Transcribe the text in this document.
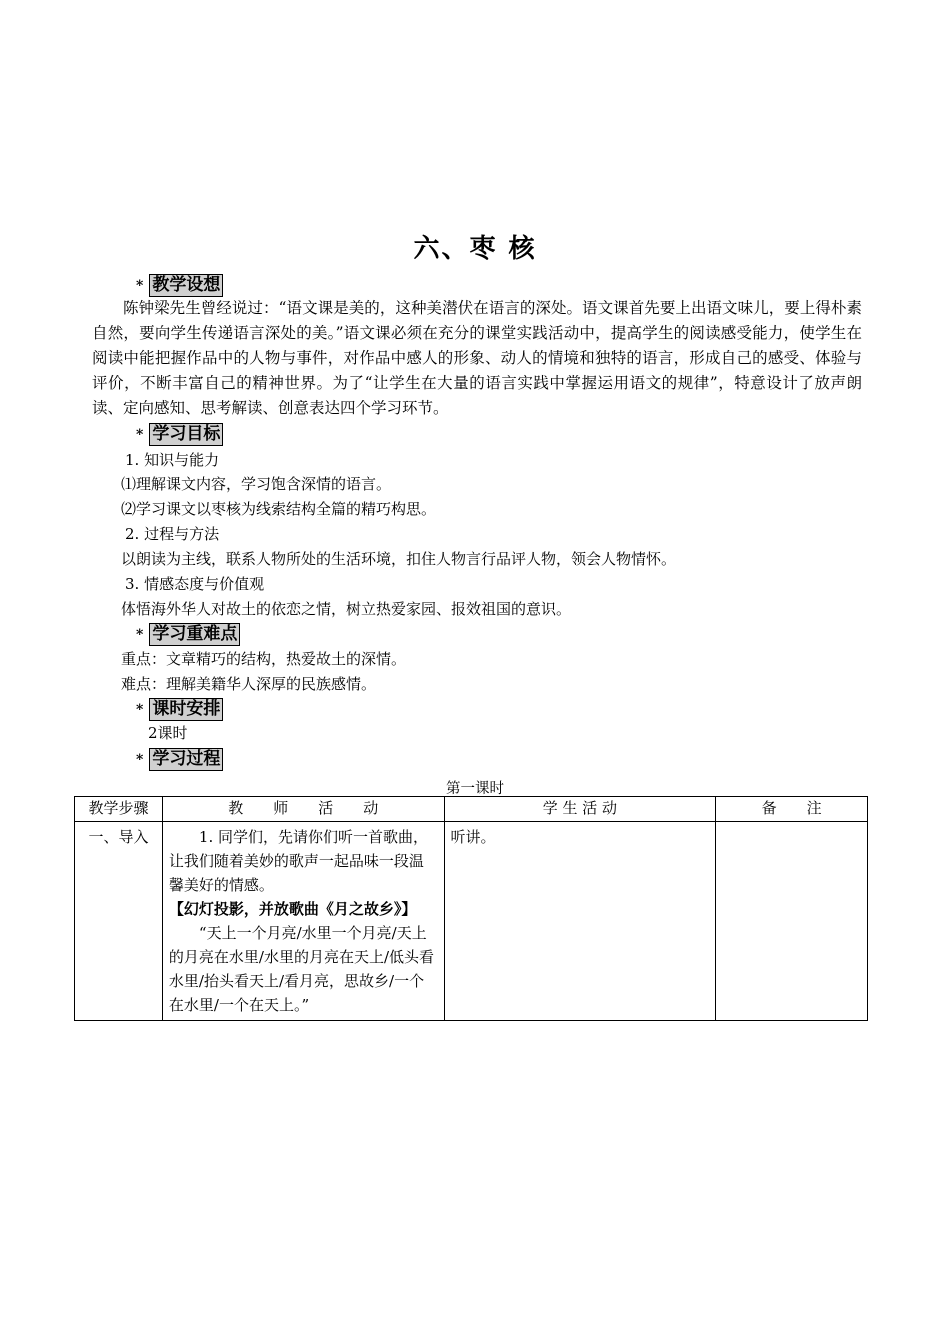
六、枣 核
* 教学设想
陈钟梁先生曾经说过：“语文课是美的，这种美潜伏在语言的深处。语文课首先要上出语文味儿，要上得朴素自然，要向学生传递语言深处的美。”语文课必须在充分的课堂实践活动中，提高学生的阅读感受能力，使学生在阅读中能把握作品中的人物与事件，对作品中感人的形象、动人的情境和独特的语言，形成自己的感受、体验与评价，不断丰富自己的精神世界。为了“让学生在大量的语言实践中掌握运用语文的规律”，特意设计了放声朗读、定向感知、思考解读、创意表达四个学习环节。
* 学习目标
1. 知识与能力
⑴理解课文内容，学习饱含深情的语言。
⑵学习课文以枣核为线索结构全篇的精巧构思。
2. 过程与方法
以朗读为主线，联系人物所处的生活环境，扣住人物言行品评人物，领会人物情怀。
3. 情感态度与价值观
体悟海外华人对故土的依恋之情，树立热爱家园、报效祖国的意识。
* 学习重难点
重点：文章精巧的结构，热爱故土的深情。
难点：理解美籍华人深厚的民族感情。
* 课时安排
2课时
* 学习过程
第一课时
教学步骤	教　　师　　活　　动	学 生 活 动	备　　注
一、导入	1. 同学们，先请你们听一首歌曲，让我们随着美妙的歌声一起品味一段温馨美好的情感。

【幻灯投影，并放歌曲《月之故乡》】

“天上一个月亮/水里一个月亮/天上的月亮在水里/水里的月亮在天上/低头看水里/抬头看天上/看月亮，思故乡/一个在水里/一个在天上。”	听讲。	
